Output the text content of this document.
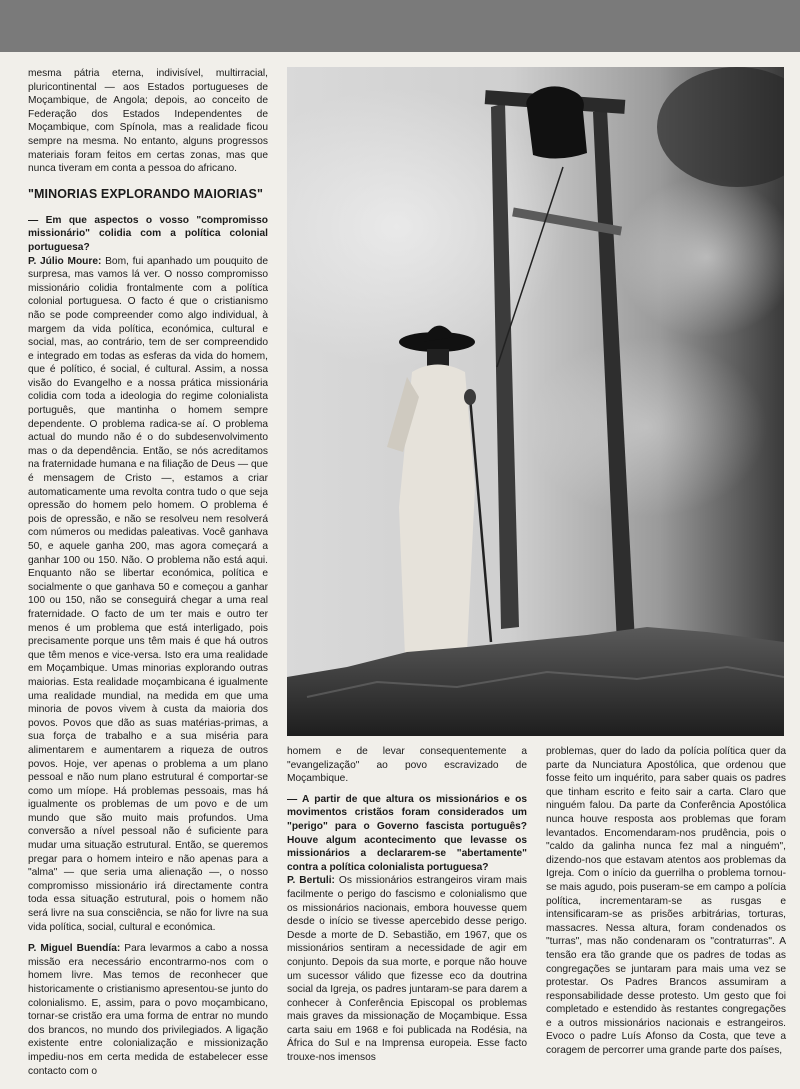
mesma pátria eterna, indivisível, multirracial, pluricontinental — aos Estados portugueses de Moçambique, de Angola; depois, ao conceito de Federação dos Estados Independentes de Moçambique, com Spínola, mas a realidade ficou sempre na mesma. No entanto, alguns progressos materiais foram feitos em certas zonas, mas que nunca tiveram em conta a pessoa do africano.

"MINORIAS EXPLORANDO MAIORIAS"

— Em que aspectos o vosso "compromisso missionário" colidia com a política colonial portuguesa?

P. Júlio Moure: Bom, fui apanhado um pouquito de surpresa, mas vamos lá ver. O nosso compromisso missionário colidia frontalmente com a política colonial portuguesa. O facto é que o cristianismo não se pode compreender como algo individual, à margem da vida política, económica, cultural e social, mas, ao contrário, tem de ser compreendido e integrado em todas as esferas da vida do homem, que é político, é social, é cultural. Assim, a nossa visão do Evangelho e a nossa prática missionária colidia com toda a ideologia do regime colonialista português, que mantinha o homem sempre dependente. O problema radica-se aí. O problema actual do mundo não é o do subdesenvolvimento mas o da dependência. Então, se nós acreditamos na fraternidade humana e na filiação de Deus — que é mensagem de Cristo —, estamos a criar automaticamente uma revolta contra tudo o que seja opressão do homem pelo homem. O problema é pois de opressão, e não se resolveu nem resolverá com números ou medidas paleativas. Você ganhava 50, e aquele ganha 200, mas agora começará a ganhar 100 ou 150. Não. O problema não está aqui. Enquanto não se libertar económica, política e socialmente o que ganhava 50 e começou a ganhar 100 ou 150, não se conseguirá chegar a uma real fraternidade. O facto de um ter mais e outro ter menos é um problema que está interligado, pois precisamente porque uns têm mais é que há outros que têm menos e vice-versa. Isto era uma realidade em Moçambique. Umas minorias explorando outras maiorias. Esta realidade moçambicana é igualmente uma realidade mundial, na medida em que uma minoria de povos vivem à custa da maioria dos povos. Povos que dão as suas matérias-primas, a sua força de trabalho e a sua miséria para alimentarem e aumentarem a riqueza de outros povos. Hoje, ver apenas o problema a um plano pessoal e não num plano estrutural é comportar-se como um míope. Há problemas pessoais, mas há igualmente os problemas de um povo e de um mundo que são muito mais profundos. Uma conversão a nível pessoal não é suficiente para mudar uma situação estrutural. Então, se queremos pregar para o homem inteiro e não apenas para a "alma" — que seria uma alienação —, o nosso compromisso missionário irá directamente contra toda essa situação estrutural, pois o homem não será livre na sua consciência, se não for livre na sua vida política, social, cultural e económica.

P. Miguel Buendía: Para levarmos a cabo a nossa missão era necessário encontrarmo-nos com o homem livre. Mas temos de reconhecer que historicamente o cristianismo apresentou-se junto do colonialismo. E, assim, para o povo moçambicano, tornar-se cristão era uma forma de entrar no mundo dos brancos, no mundo dos privilegiados. A ligação existente entre colonialização e missionização impediu-nos em certa medida de estabelecer esse contacto com o

homem e de levar consequentemente a "evangelização" ao povo escravizado de Moçambique.

— A partir de que altura os missionários e os movimentos cristãos foram considerados um "perigo" para o Governo fascista português? Houve algum acontecimento que levasse os missionários a declararem-se "abertamente" contra a política colonialista portuguesa?

P. Bertuli: Os missionários estrangeiros viram mais facilmente o perigo do fascismo e colonialismo que os missionários nacionais, embora houvesse quem desde o início se tivesse apercebido desse perigo. Desde a morte de D. Sebastião, em 1967, que os missionários sentiram a necessidade de agir em conjunto. Depois da sua morte, e porque não houve um sucessor válido que fizesse eco da doutrina social da Igreja, os padres juntaram-se para darem a conhecer à Conferência Episcopal os problemas mais graves da missionação de Moçambique. Essa carta saiu em 1968 e foi publicada na Rodésia, na África do Sul e na Imprensa europeia. Esse facto trouxe-nos imensos

problemas, quer do lado da polícia política quer da parte da Nunciatura Apostólica, que ordenou que fosse feito um inquérito, para saber quais os padres que tinham escrito e feito sair a carta. Claro que ninguém falou. Da parte da Conferência Apostólica nunca houve resposta aos problemas que foram levantados. Encomendaram-nos prudência, pois o "caldo da galinha nunca fez mal a ninguém", dizendo-nos que estavam atentos aos problemas da Igreja. Com o início da guerrilha o problema tornou-se mais agudo, pois puseram-se em campo a polícia política, incrementaram-se as rusgas e intensificaram-se as prisões arbitrárias, torturas, massacres. Nessa altura, foram condenados os "turras", mas não condenaram os "contraturras". A tensão era tão grande que os padres de todas as congregações se juntaram para mais uma vez se protestar. Os Padres Brancos assumiram a responsabilidade desse protesto. Um gesto que foi completado e estendido às restantes congregações e a outros missionários nacionais e estrangeiros. Evoco o padre Luís Afonso da Costa, que teve a coragem de percorrer uma grande parte dos países,
